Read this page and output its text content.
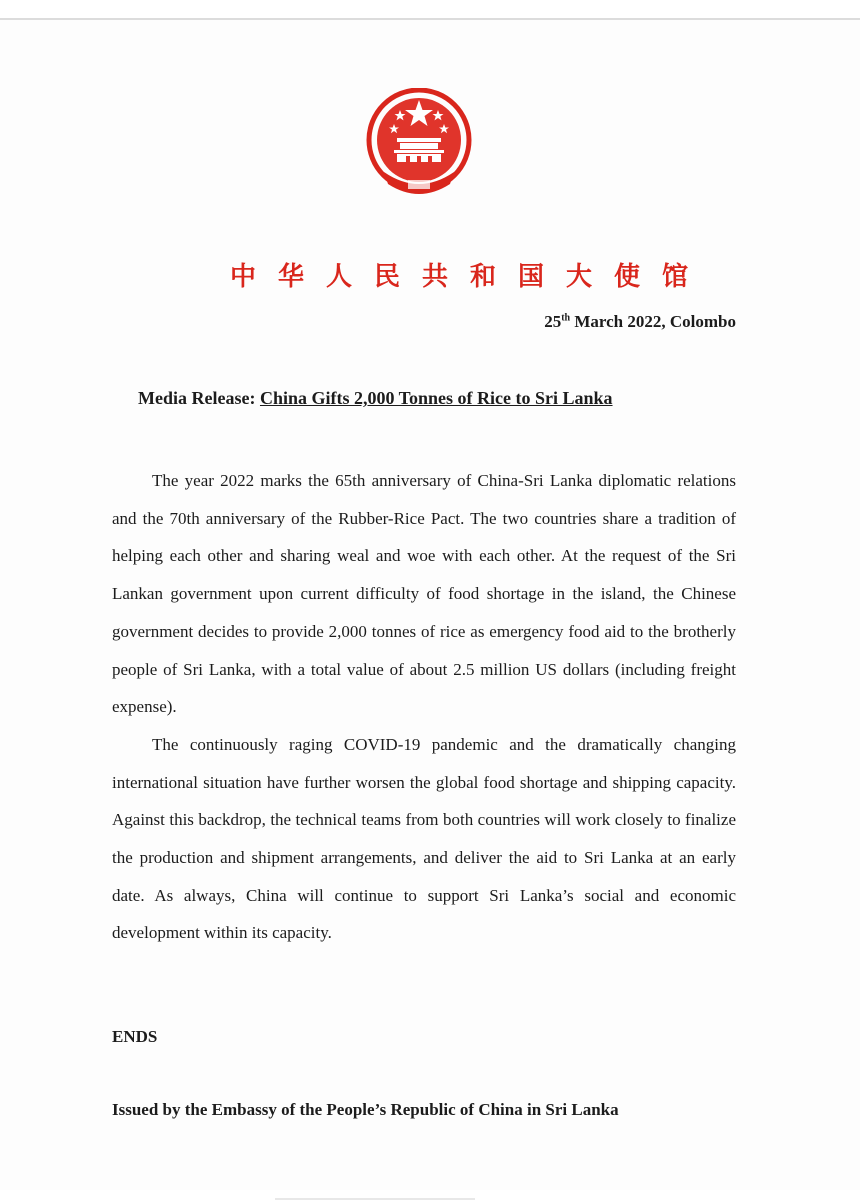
中华人民共和国大使馆
25th March 2022, Colombo
Media Release: China Gifts 2,000 Tonnes of Rice to Sri Lanka

The year 2022 marks the 65th anniversary of China-Sri Lanka diplomatic relations and the 70th anniversary of the Rubber-Rice Pact. The two countries share a tradition of helping each other and sharing weal and woe with each other. At the request of the Sri Lankan government upon current difficulty of food shortage in the island, the Chinese government decides to provide 2,000 tonnes of rice as emergency food aid to the brotherly people of Sri Lanka, with a total value of about 2.5 million US dollars (including freight expense).

The continuously raging COVID-19 pandemic and the dramatically changing international situation have further worsen the global food shortage and shipping capacity. Against this backdrop, the technical teams from both countries will work closely to finalize the production and shipment arrangements, and deliver the aid to Sri Lanka at an early date. As always, China will continue to support Sri Lanka’s social and economic development within its capacity.

ENDS
Issued by the Embassy of the People’s Republic of China in Sri Lanka
